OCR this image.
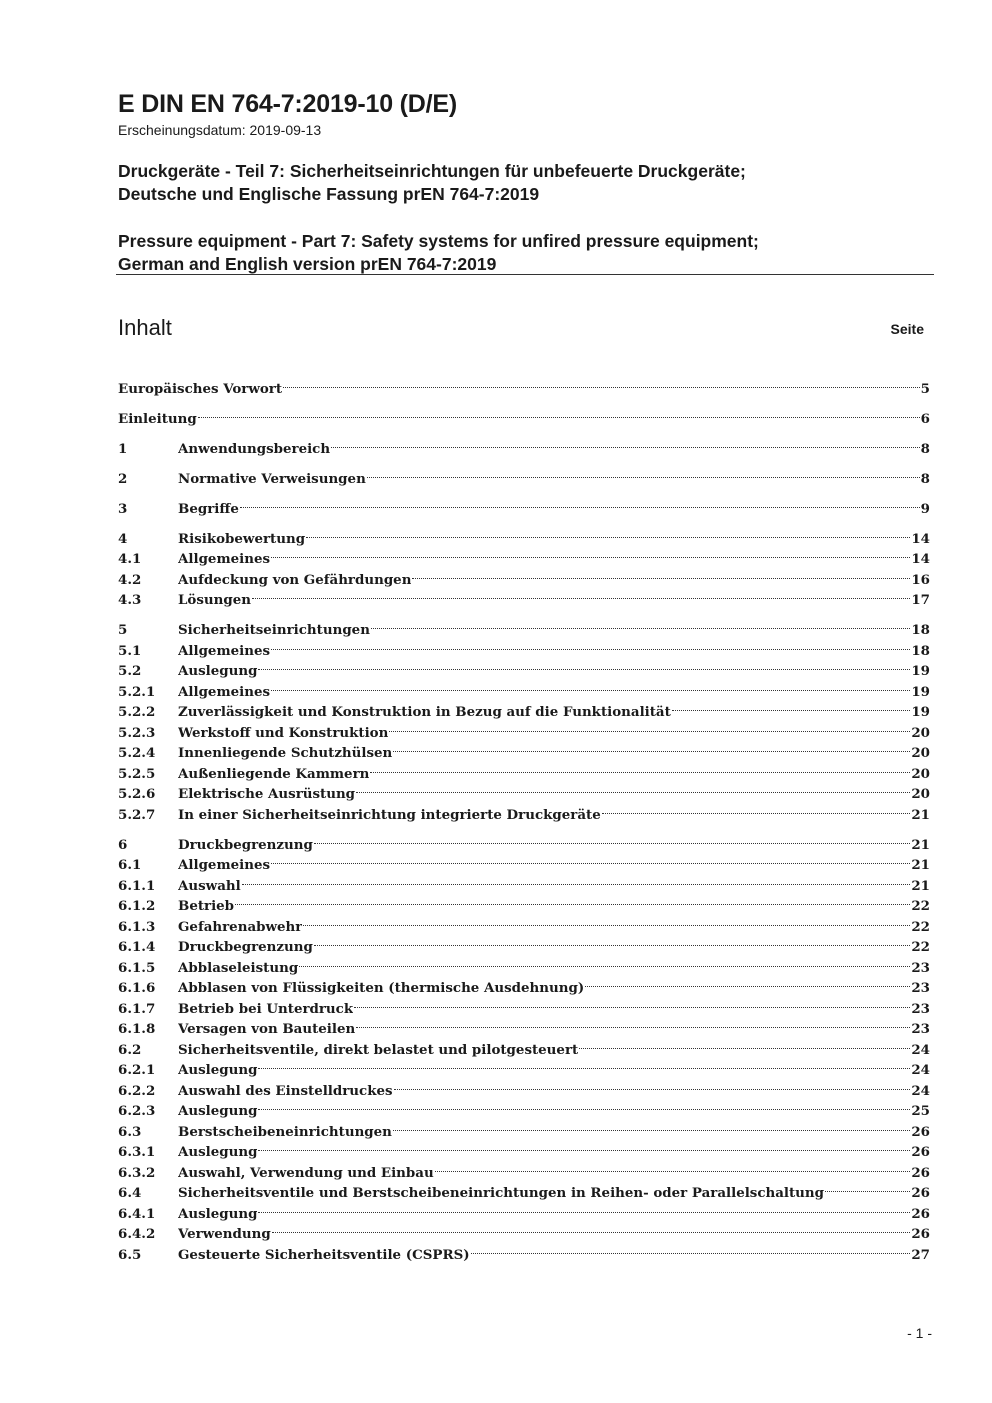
E DIN EN 764-7:2019-10 (D/E)
Erscheinungsdatum: 2019-09-13
Druckgeräte - Teil 7: Sicherheitseinrichtungen für unbefeuerte Druckgeräte;
Deutsche und Englische Fassung prEN 764-7:2019
Pressure equipment - Part 7: Safety systems for unfired pressure equipment;
German and English version prEN 764-7:2019
Inhalt	Seite
Europäisches Vorwort	5
Einleitung	6
1	Anwendungsbereich	8
2	Normative Verweisungen	8
3	Begriffe	9
4	Risikobewertung	14
4.1	Allgemeines	14
4.2	Aufdeckung von Gefährdungen	16
4.3	Lösungen	17
5	Sicherheitseinrichtungen	18
5.1	Allgemeines	18
5.2	Auslegung	19
5.2.1	Allgemeines	19
5.2.2	Zuverlässigkeit und Konstruktion in Bezug auf die Funktionalität	19
5.2.3	Werkstoff und Konstruktion	20
5.2.4	Innenliegende Schutzhülsen	20
5.2.5	Außenliegende Kammern	20
5.2.6	Elektrische Ausrüstung	20
5.2.7	In einer Sicherheitseinrichtung integrierte Druckgeräte	21
6	Druckbegrenzung	21
6.1	Allgemeines	21
6.1.1	Auswahl	21
6.1.2	Betrieb	22
6.1.3	Gefahrenabwehr	22
6.1.4	Druckbegrenzung	22
6.1.5	Abblaseleistung	23
6.1.6	Abblasen von Flüssigkeiten (thermische Ausdehnung)	23
6.1.7	Betrieb bei Unterdruck	23
6.1.8	Versagen von Bauteilen	23
6.2	Sicherheitsventile, direkt belastet und pilotgesteuert	24
6.2.1	Auslegung	24
6.2.2	Auswahl des Einstelldruckes	24
6.2.3	Auslegung	25
6.3	Berstscheibeneinrichtungen	26
6.3.1	Auslegung	26
6.3.2	Auswahl, Verwendung und Einbau	26
6.4	Sicherheitsventile und Berstscheibeneinrichtungen in Reihen- oder Parallelschaltung	26
6.4.1	Auslegung	26
6.4.2	Verwendung	26
6.5	Gesteuerte Sicherheitsventile (CSPRS)	27
- 1 -
